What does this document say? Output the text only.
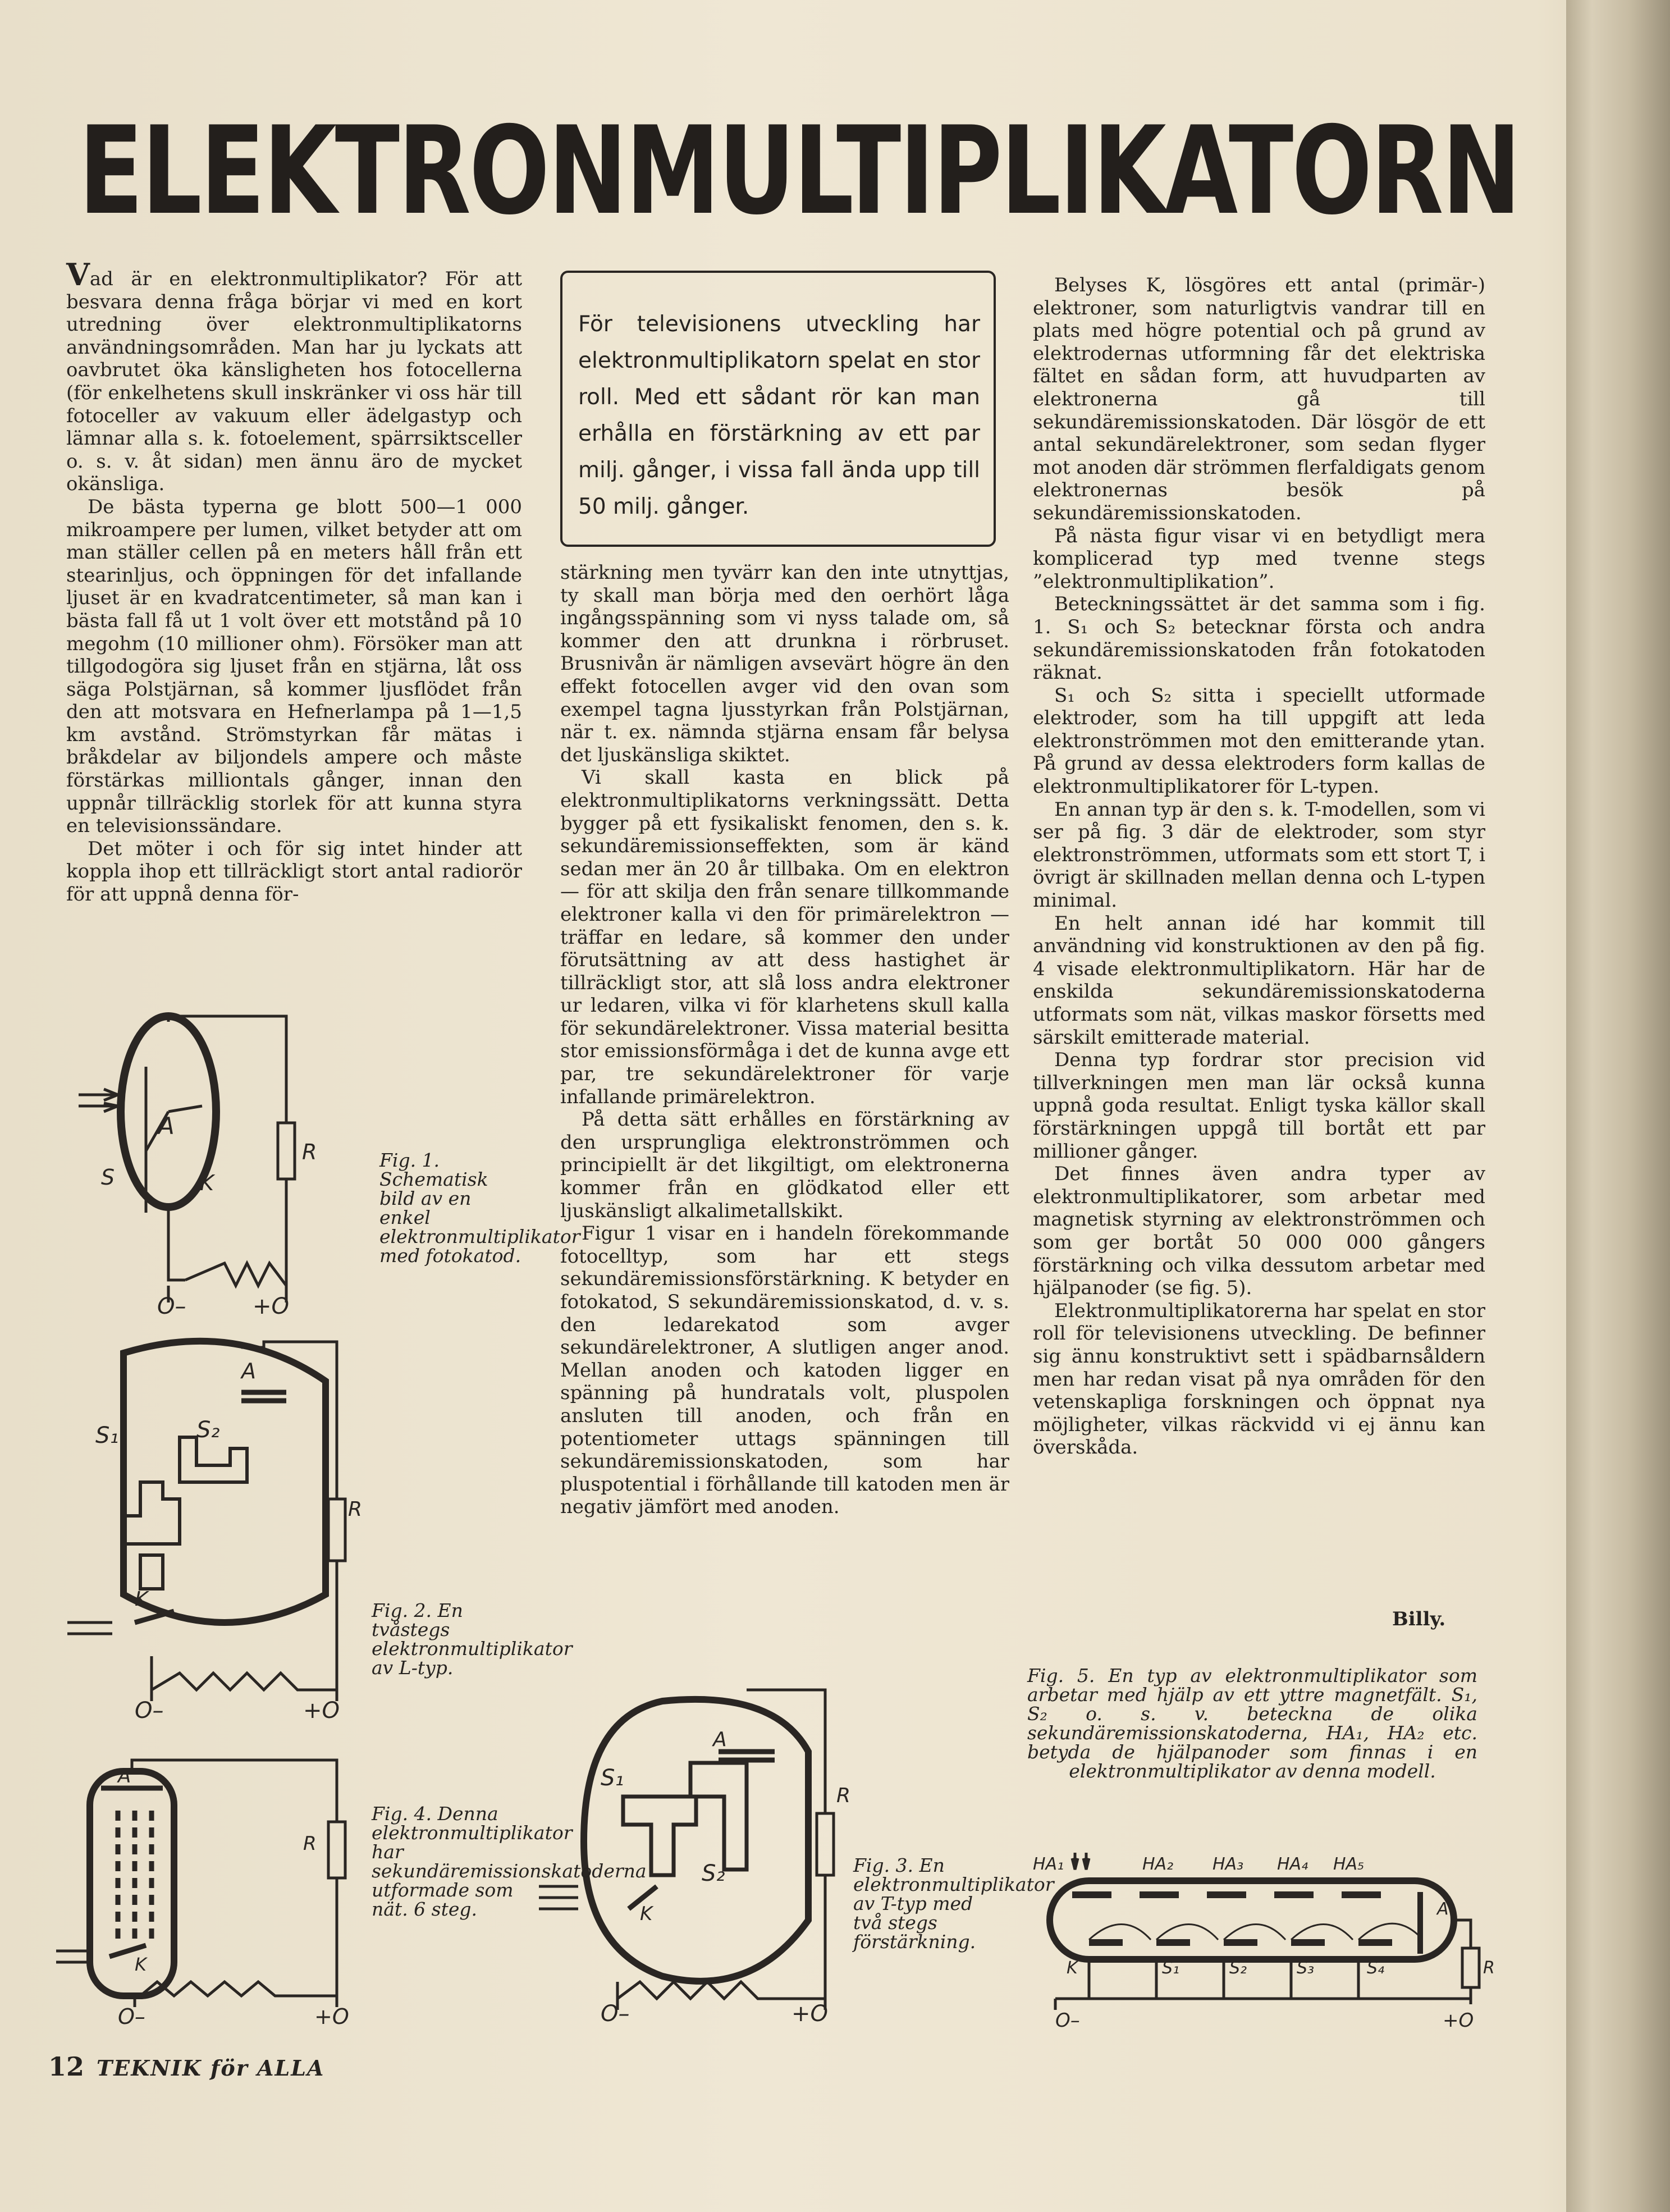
ELEKTRONMULTIPLIKATORN

Vad är en elektronmultiplikator? För att besvara denna fråga börjar vi med en kort utredning över elektronmultiplikatorns användningsområden. Man har ju lyckats att oavbrutet öka känsligheten hos fotocellerna (för enkelhetens skull inskränker vi oss här till fotoceller av vakuum eller ädelgastyp och lämnar alla s. k. fotoelement, spärrsiktsceller o. s. v. åt sidan) men ännu äro de mycket okänsliga.

De bästa typerna ge blott 500—1 000 mikroampere per lumen, vilket betyder att om man ställer cellen på en meters håll från ett stearinljus, och öppningen för det infallande ljuset är en kvadratcentimeter, så man kan i bästa fall få ut 1 volt över ett motstånd på 10 megohm (10 millioner ohm). Försöker man att tillgodogöra sig ljuset från en stjärna, låt oss säga Polstjärnan, så kommer ljusflödet från den att motsvara en Hefnerlampa på 1—1,5 km avstånd. Strömstyrkan får mätas i bråkdelar av biljondels ampere och måste förstärkas milliontals gånger, innan den uppnår tillräcklig storlek för att kunna styra en televisionssändare.

Det möter i och för sig intet hinder att koppla ihop ett tillräckligt stort antal radiorör för att uppnå denna för-

För televisionens utveckling har elektronmultiplikatorn spelat en stor roll. Med ett sådant rör kan man erhålla en förstärkning av ett par milj. gånger, i vissa fall ända upp till 50 milj. gånger.

stärkning men tyvärr kan den inte utnyttjas, ty skall man börja med den oerhört låga ingångsspänning som vi nyss talade om, så kommer den att drunkna i rörbruset. Brusnivån är nämligen avsevärt högre än den effekt fotocellen avger vid den ovan som exempel tagna ljusstyrkan från Polstjärnan, när t. ex. nämnda stjärna ensam får belysa det ljuskänsliga skiktet.

Vi skall kasta en blick på elektronmultiplikatorns verkningssätt. Detta bygger på ett fysikaliskt fenomen, den s. k. sekundäremissionseffekten, som är känd sedan mer än 20 år tillbaka. Om en elektron — för att skilja den från senare tillkommande elektroner kalla vi den för primärelektron — träffar en ledare, så kommer den under förutsättning av att dess hastighet är tillräckligt stor, att slå loss andra elektroner ur ledaren, vilka vi för klarhetens skull kalla för sekundärelektroner. Vissa material besitta stor emissionsförmåga i det de kunna avge ett par, tre sekundärelektroner för varje infallande primärelektron.

På detta sätt erhålles en förstärkning av den ursprungliga elektronströmmen och principiellt är det likgiltigt, om elektronerna kommer från en glödkatod eller ett ljuskänsligt alkalimetallskikt.

Figur 1 visar en i handeln förekommande fotocelltyp, som har ett stegs sekundäremissionsförstärkning. K betyder en fotokatod, S sekundäremissionskatod, d. v. s. den ledarekatod som avger sekundärelektroner, A slutligen anger anod. Mellan anoden och katoden ligger en spänning på hundratals volt, pluspolen ansluten till anoden, och från en potentiometer uttags spänningen till sekundäremissionskatoden, som har pluspotential i förhållande till katoden men är negativ jämfört med anoden.

Belyses K, lösgöres ett antal (primär-) elektroner, som naturligtvis vandrar till en plats med högre potential och på grund av elektrodernas utformning får det elektriska fältet en sådan form, att huvudparten av elektronerna gå till sekundäremissionskatoden. Där lösgör de ett antal sekundärelektroner, som sedan flyger mot anoden där strömmen flerfaldigats genom elektronernas besök på sekundäremissionskatoden.

På nästa figur visar vi en betydligt mera komplicerad typ med tvenne stegs ”elektronmultiplikation”.

Beteckningssättet är det samma som i fig. 1. S₁ och S₂ betecknar första och andra sekundäremissionskatoden från fotokatoden räknat.

S₁ och S₂ sitta i speciellt utformade elektroder, som ha till uppgift att leda elektronströmmen mot den emitterande ytan. På grund av dessa elektroders form kallas de elektronmultiplikatorer för L-typen.

En annan typ är den s. k. T-modellen, som vi ser på fig. 3 där de elektroder, som styr elektronströmmen, utformats som ett stort T, i övrigt är skillnaden mellan denna och L-typen minimal.

En helt annan idé har kommit till användning vid konstruktionen av den på fig. 4 visade elektronmultiplikatorn. Här har de enskilda sekundäremissionskatoderna utformats som nät, vilkas maskor försetts med särskilt emitterade material.

Denna typ fordrar stor precision vid tillverkningen men man lär också kunna uppnå goda resultat. Enligt tyska källor skall förstärkningen uppgå till bortåt ett par millioner gånger.

Det finnes även andra typer av elektronmultiplikatorer, som arbetar med magnetisk styrning av elektronströmmen och som ger bortåt 50 000 000 gångers förstärkning och vilka dessutom arbetar med hjälpanoder (se fig. 5).

Elektronmultiplikatorerna har spelat en stor roll för televisionens utveckling. De befinner sig ännu konstruktivt sett i spädbarnsåldern men har redan visat på nya områden för den vetenskapliga forskningen och öppnat nya möjligheter, vilkas räckvidd vi ej ännu kan överskåda.

Billy.
A
R
S	K
O–	+O
A
S₁	S₂
R
K
O–	+O
A
R
K
O–	+O
A
S₁
S₂
R
K
O–	+O
HA₁	HA₂ HA₃ HA₄ HA₅
A
R
K	S₁	S₂	S₃	S₄
O–	+O
Fig. 1. Schematisk bild av en enkel elektronmultiplikator med fotokatod.
Fig. 2. En tvåstegs elektronmultiplikator av L-typ.
Fig. 4. Denna elektronmultiplikator har sekundäremissionskatoderna utformade som nät. 6 steg.
Fig. 3. En elektronmultiplikator av T-typ med två stegs förstärkning.
Fig. 5. En typ av elektronmultiplikator som arbetar med hjälp av ett yttre magnetfält. S₁, S₂ o. s. v. beteckna de olika sekundäremissionskatoderna, HA₁, HA₂ etc. betyda de hjälpanoder som finnas i en elektronmultiplikator av denna modell.
12 TEKNIK för ALLA
